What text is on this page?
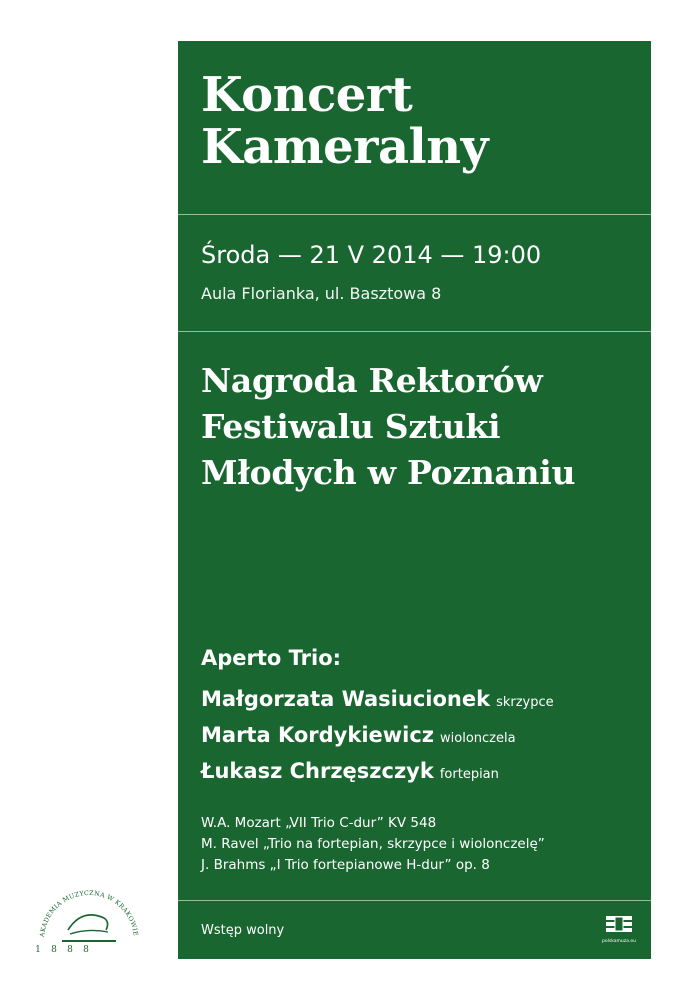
Koncert
Kameralny
Środa — 21 V 2014 — 19:00
Aula Florianka, ul. Basztowa 8
Nagroda Rektorów
Festiwalu Sztuki
Młodych w Poznaniu
Aperto Trio:
Małgorzata Wasiucionek skrzypce
Marta Kordykiewicz wiolonczela
Łukasz Chrzęszczyk fortepian
W.A. Mozart „VII Trio C-dur” KV 548
M. Ravel „Trio na fortepian, skrzypce i wiolonczelę”
J. Brahms „I Trio fortepianowe H-dur” op. 8
Wstęp wolny
polskamuza.eu
AKADEMIA MUZYCZNA W KRAKOWIE
1 8 8 8
